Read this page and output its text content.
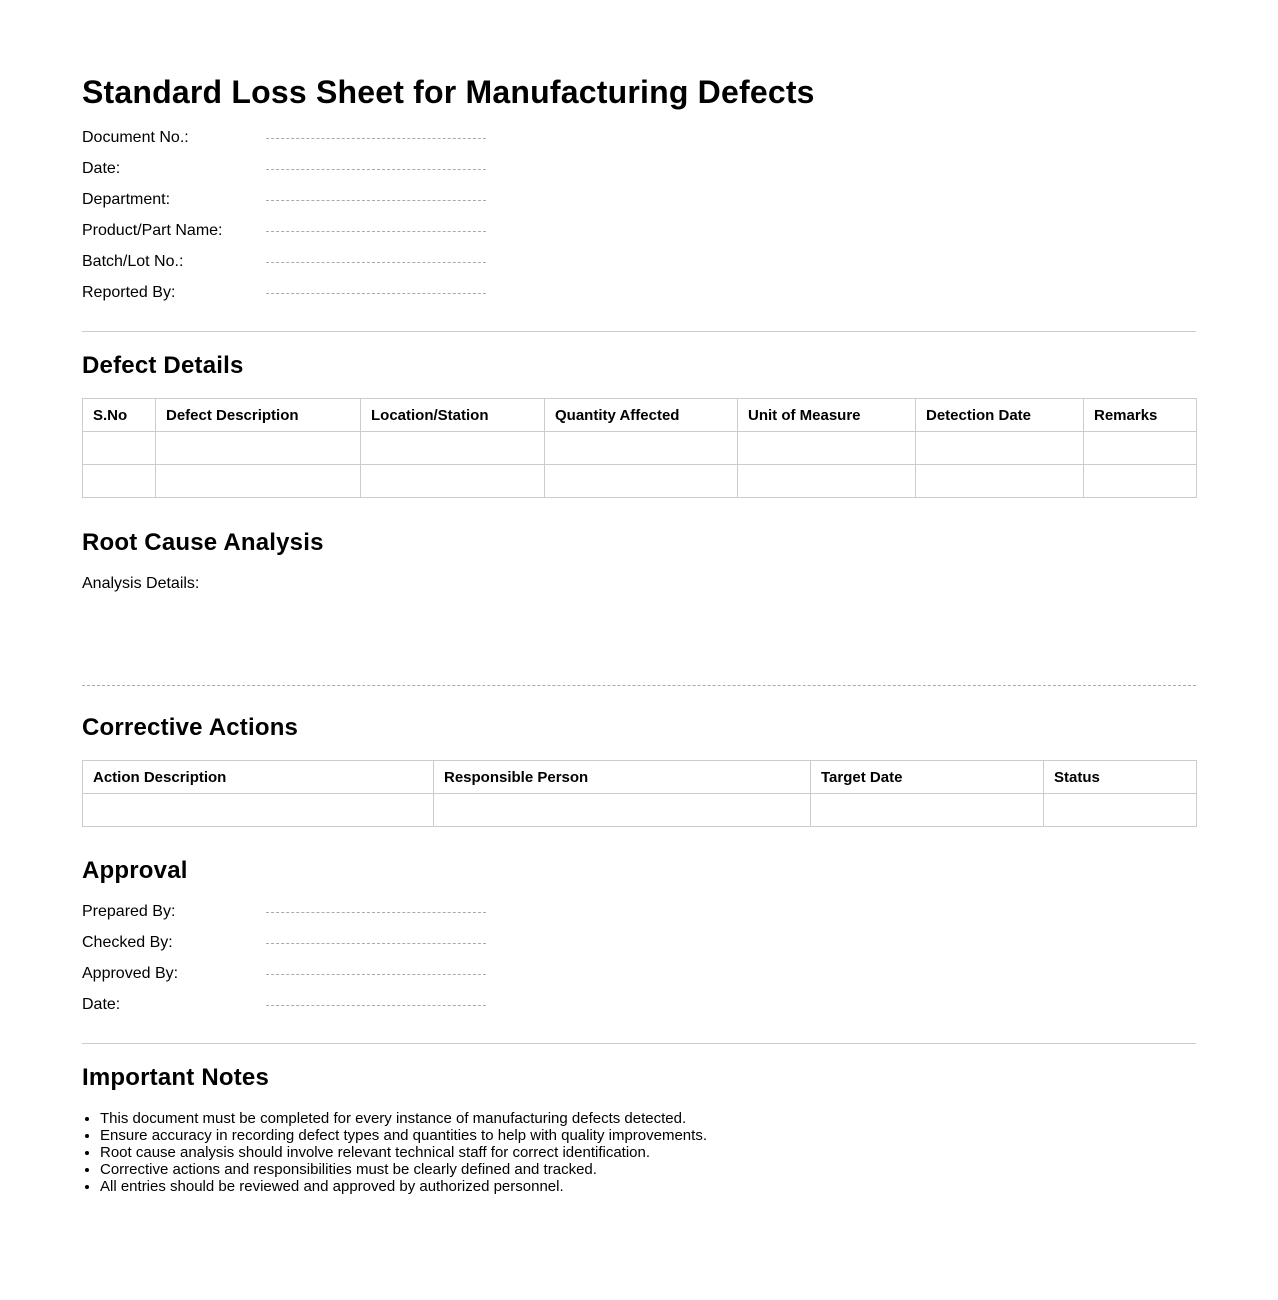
Standard Loss Sheet for Manufacturing Defects
Document No.:
Date:
Department:
Product/Part Name:
Batch/Lot No.:
Reported By:
Defect Details
S.No	Defect Description	Location/Station	Quantity Affected	Unit of Measure	Detection Date	Remarks

Root Cause Analysis
Analysis Details:
Corrective Actions
Action Description	Responsible Person	Target Date	Status

Approval
Prepared By:
Checked By:
Approved By:
Date:
Important Notes
• This document must be completed for every instance of manufacturing defects detected.
• Ensure accuracy in recording defect types and quantities to help with quality improvements.
• Root cause analysis should involve relevant technical staff for correct identification.
• Corrective actions and responsibilities must be clearly defined and tracked.
• All entries should be reviewed and approved by authorized personnel.
